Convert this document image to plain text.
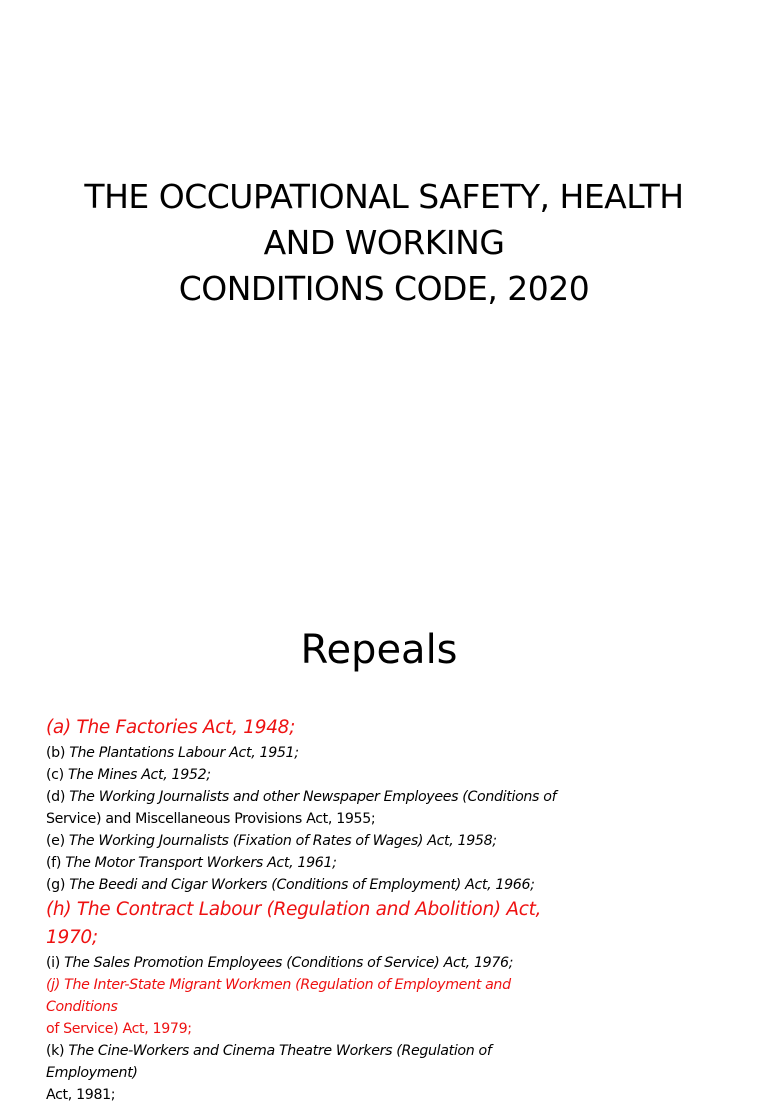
THE OCCUPATIONAL SAFETY, HEALTH
AND WORKING
CONDITIONS CODE, 2020
Repeals
(a) The Factories Act, 1948;
(b) The Plantations Labour Act, 1951;
(c) The Mines Act, 1952;
(d) The Working Journalists and other Newspaper Employees (Conditions of
Service) and Miscellaneous Provisions Act, 1955;
(e) The Working Journalists (Fixation of Rates of Wages) Act, 1958;
(f) The Motor Transport Workers Act, 1961;
(g) The Beedi and Cigar Workers (Conditions of Employment) Act, 1966;
(h) The Contract Labour (Regulation and Abolition) Act, 1970;
(i) The Sales Promotion Employees (Conditions of Service) Act, 1976;
(j) The Inter-State Migrant Workmen (Regulation of Employment and Conditions
of Service) Act, 1979;
(k) The Cine-Workers and Cinema Theatre Workers (Regulation of Employment)
Act, 1981;
